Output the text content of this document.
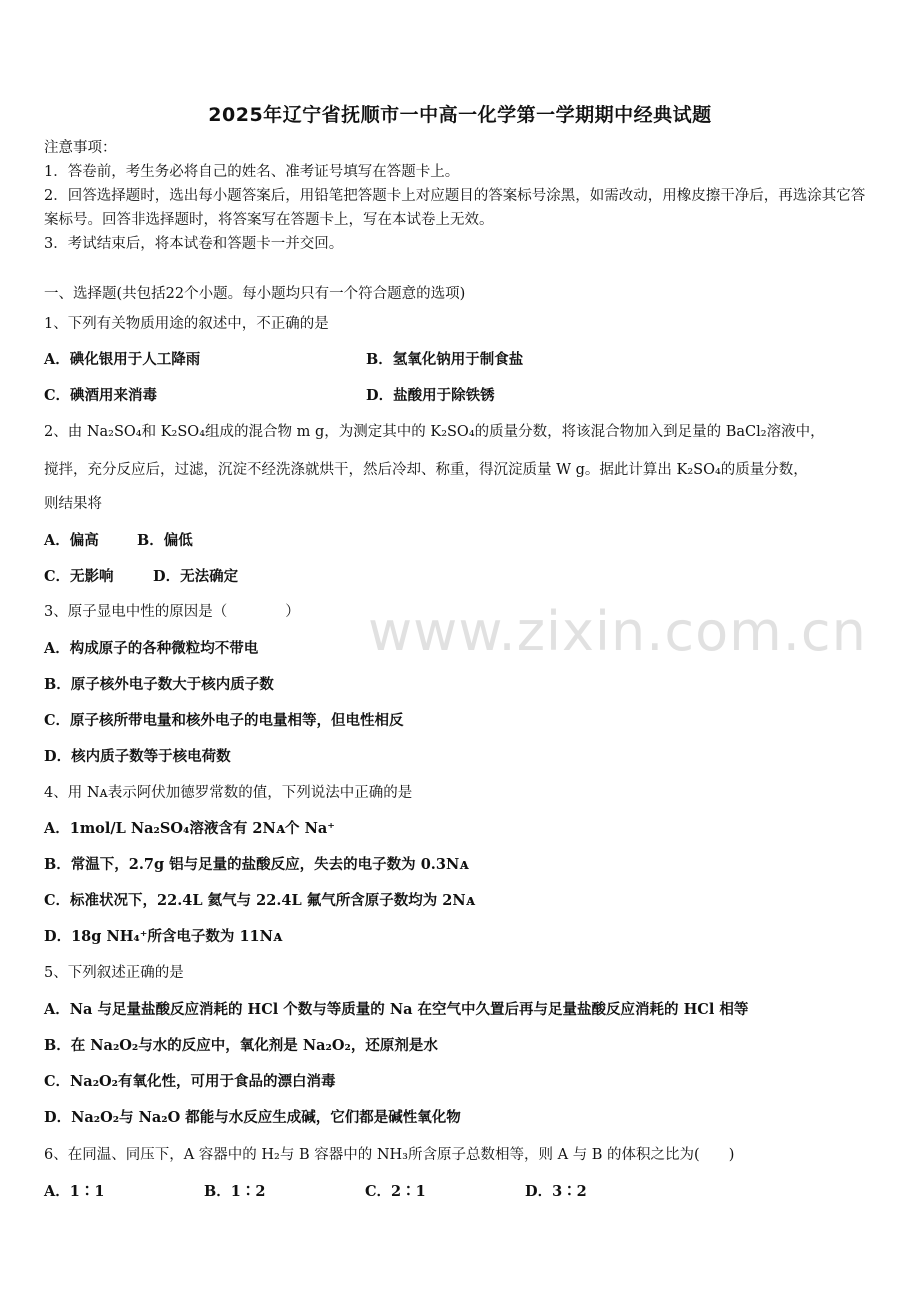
2025年辽宁省抚顺市一中高一化学第一学期期中经典试题
注意事项：
1．答卷前，考生务必将自己的姓名、准考证号填写在答题卡上。
2．回答选择题时，选出每小题答案后，用铅笔把答题卡上对应题目的答案标号涂黑，如需改动，用橡皮擦干净后，再选涂其它答案标号。回答非选择题时，将答案写在答题卡上，写在本试卷上无效。
3．考试结束后，将本试卷和答题卡一并交回。
一、选择题(共包括22个小题。每小题均只有一个符合题意的选项)
1、下列有关物质用途的叙述中，不正确的是
A．碘化银用于人工降雨	B．氢氧化钠用于制食盐
C．碘酒用来消毒	D．盐酸用于除铁锈
2、由 Na₂SO₄和 K₂SO₄组成的混合物 m g，为测定其中的 K₂SO₄的质量分数，将该混合物加入到足量的 BaCl₂溶液中，
搅拌，充分反应后，过滤，沉淀不经洗涤就烘干，然后冷却、称重，得沉淀质量 W g。据此计算出 K₂SO₄的质量分数，
则结果将
A．偏高	B．偏低
C．无影响	D．无法确定
3、原子显电中性的原因是（　　　　）
A．构成原子的各种微粒均不带电
B．原子核外电子数大于核内质子数
C．原子核所带电量和核外电子的电量相等，但电性相反
D．核内质子数等于核电荷数
4、用 Nᴀ表示阿伏加德罗常数的值，下列说法中正确的是
A．1mol/L Na₂SO₄溶液含有 2Nᴀ个 Na⁺
B．常温下，2.7g 铝与足量的盐酸反应，失去的电子数为 0.3Nᴀ
C．标准状况下，22.4L 氦气与 22.4L 氟气所含原子数均为 2Nᴀ
D．18g NH₄⁺所含电子数为 11Nᴀ
5、下列叙述正确的是
A．Na 与足量盐酸反应消耗的 HCl 个数与等质量的 Na 在空气中久置后再与足量盐酸反应消耗的 HCl 相等
B．在 Na₂O₂与水的反应中，氧化剂是 Na₂O₂，还原剂是水
C．Na₂O₂有氧化性，可用于食品的漂白消毒
D．Na₂O₂与 Na₂O 都能与水反应生成碱，它们都是碱性氧化物
6、在同温、同压下，A 容器中的 H₂与 B 容器中的 NH₃所含原子总数相等，则 A 与 B 的体积之比为(　　)
A．1∶1	B．1∶2	C．2∶1	D．3∶2
www.zixin.com.cn
